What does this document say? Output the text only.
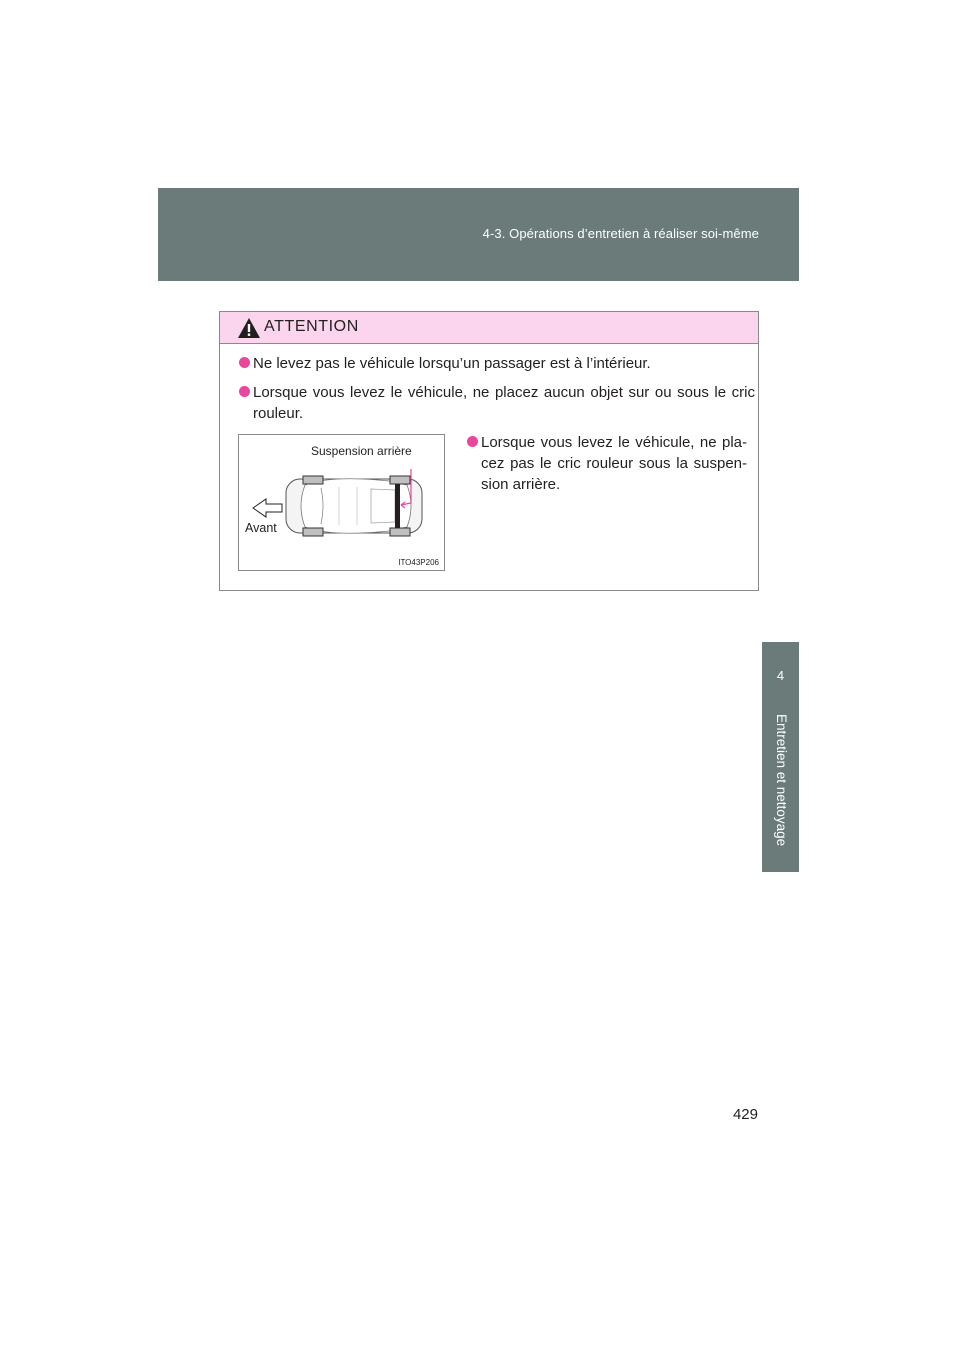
4-3. Opérations d’entretien à réaliser soi-même
4
Entretien et nettoyage
ATTENTION
Ne levez pas le véhicule lorsqu’un passager est à l’intérieur.
Lorsque vous levez le véhicule, ne placez aucun objet sur ou sous le cric rouleur.
Suspension arrière
Avant
ITO43P206
Lorsque vous levez le véhicule, ne pla- cez pas le cric rouleur sous la suspen- sion arrière.
429
